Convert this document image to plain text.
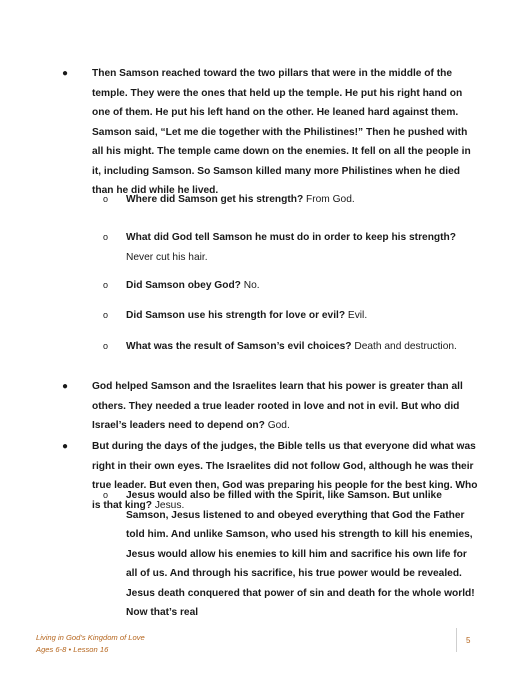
● Then Samson reached toward the two pillars that were in the middle of the temple. They were the ones that held up the temple. He put his right hand on one of them. He put his left hand on the other. He leaned hard against them. Samson said, “Let me die together with the Philistines!” Then he pushed with all his might. The temple came down on the enemies. It fell on all the people in it, including Samson. So Samson killed many more Philistines when he died than he did while he lived.
o Where did Samson get his strength? From God.
o What did God tell Samson he must do in order to keep his strength? Never cut his hair.
o Did Samson obey God? No.
o Did Samson use his strength for love or evil? Evil.
o What was the result of Samson’s evil choices? Death and destruction.
● God helped Samson and the Israelites learn that his power is greater than all others. They needed a true leader rooted in love and not in evil. But who did Israel’s leaders need to depend on? God.
● But during the days of the judges, the Bible tells us that everyone did what was right in their own eyes. The Israelites did not follow God, although he was their true leader. But even then, God was preparing his people for the best king. Who is that king? Jesus.
o Jesus would also be filled with the Spirit, like Samson. But unlike Samson, Jesus listened to and obeyed everything that God the Father told him. And unlike Samson, who used his strength to kill his enemies, Jesus would allow his enemies to kill him and sacrifice his own life for all of us. And through his sacrifice, his true power would be revealed. Jesus death conquered that power of sin and death for the whole world! Now that’s real
Living in God’s Kingdom of Love
Ages 6-8 • Lesson 16
5
